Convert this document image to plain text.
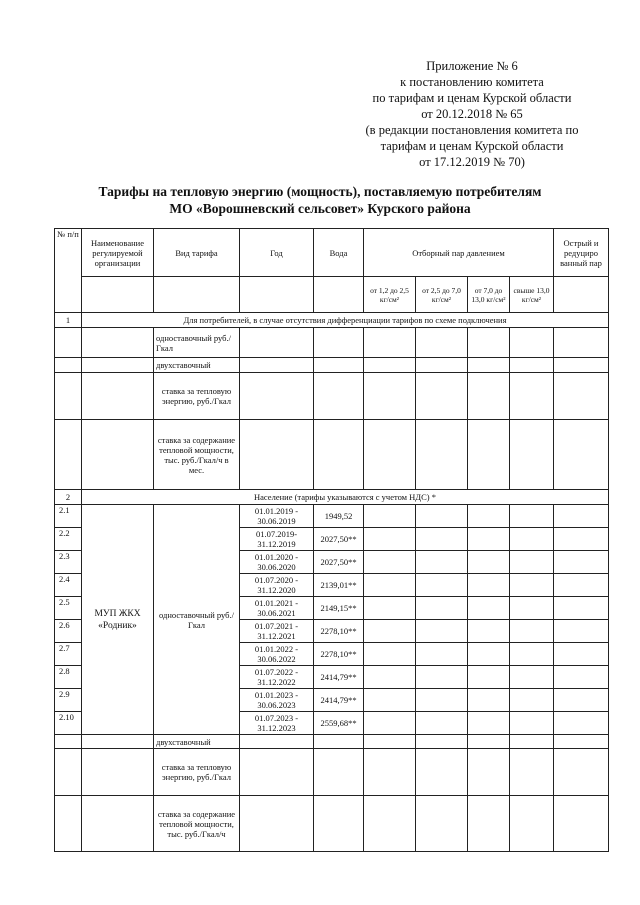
Приложение № 6
к постановлению комитета
по тарифам и ценам Курской области
от 20.12.2018 № 65
(в редакции постановления комитета по
тарифам и ценам Курской области
от 17.12.2019 № 70)
Тарифы на тепловую энергию (мощность), поставляемую потребителям
МО «Ворошневский сельсовет» Курского района
№ п/п	Наименование регулируемой организации	Вид тарифа	Год	Вода	Отборный пар давлением				Острый и редуциро ванный пар
					от 1,2 до 2,5 кг/см²	от 2,5 до 7,0 кг/см²	от 7,0 до 13,0 кг/см²	свыше 13,0 кг/см²	
1	Для потребителей, в случае отсутствия дифференциации тарифов по схеме подключения								
		одноставочный руб./Гкал							
		двухставочный							
		ставка за тепловую энергию, руб./Гкал							
		ставка за содержание тепловой мощности, тыс. руб./Гкал/ч в мес.							
2	Население (тарифы указываются с учетом НДС) *								
2.1	МУП ЖКХ «Родник»	одноставочный руб./Гкал	01.01.2019 - 30.06.2019	1949,52					
2.2			01.07.2019- 31.12.2019	2027,50**					
2.3			01.01.2020 - 30.06.2020	2027,50**					
2.4			01.07.2020 - 31.12.2020	2139,01**					
2.5			01.01.2021 - 30.06.2021	2149,15**					
2.6			01.07.2021 - 31.12.2021	2278,10**					
2.7			01.01.2022 - 30.06.2022	2278,10**					
2.8			01.07.2022 - 31.12.2022	2414,79**					
2.9			01.01.2023 - 30.06.2023	2414,79**					
2.10			01.07.2023 - 31.12.2023	2559,68**					
		двухставочный							
		ставка за тепловую энергию, руб./Гкал							
		ставка за содержание тепловой мощности, тыс. руб./Гкал/ч							
